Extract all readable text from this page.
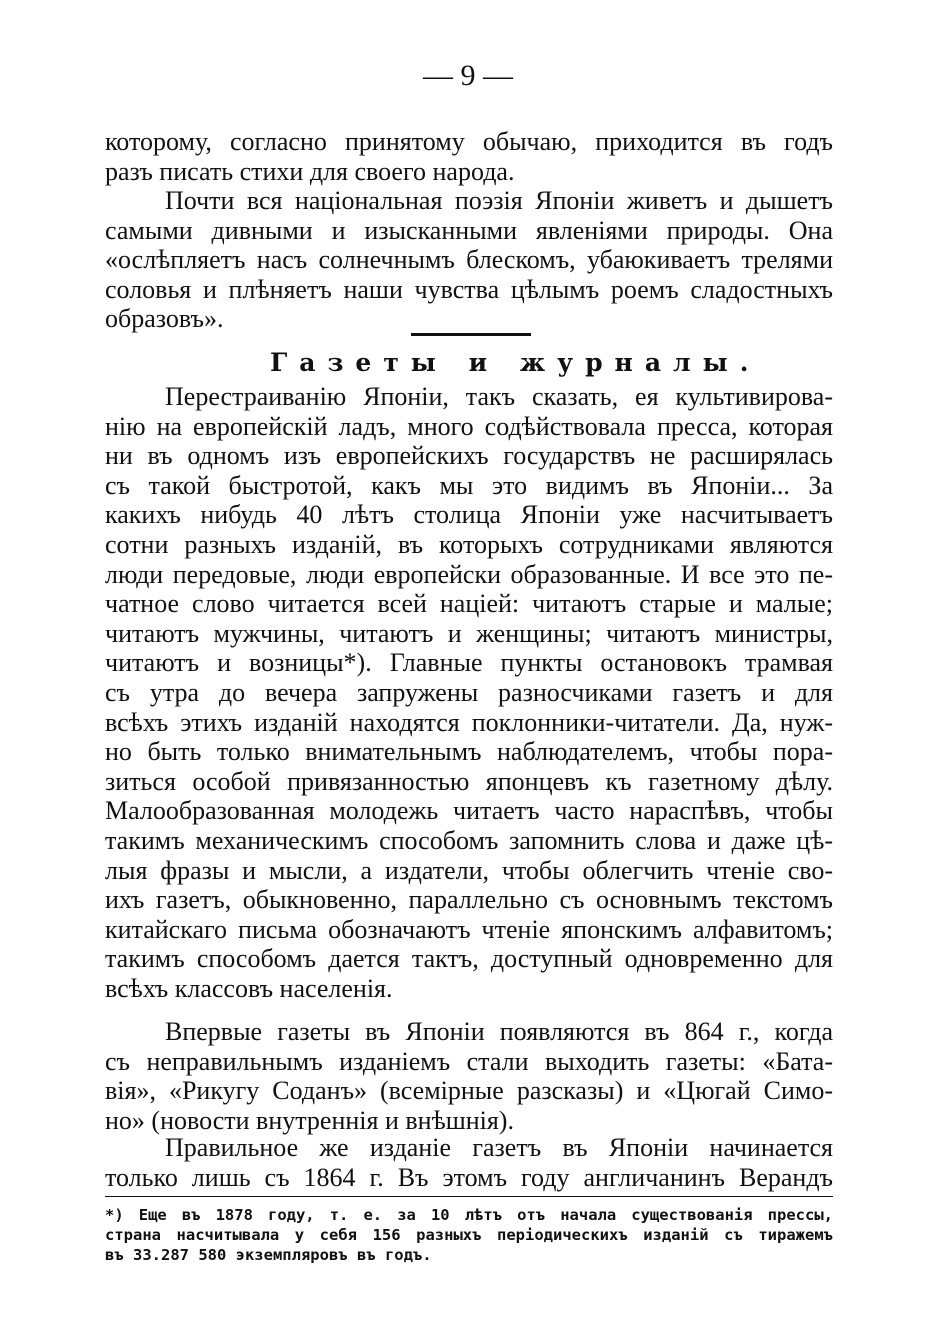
— 9 —
которому, согласно принятому обычаю, приходится въ годъ
разъ писать стихи для своего народа.
Почти вся національная поэзія Японіи живетъ и дышетъ
самыми дивными и изысканными явленіями природы. Она
«ослѣпляетъ насъ солнечнымъ блескомъ, убаюкиваетъ трелями
соловья и плѣняетъ наши чувства цѣлымъ роемъ сладостныхъ
образовъ».
Газеты и журналы.
Перестраиванію Японіи, такъ сказать, ея культивирова-
нію на европейскій ладъ, много содѣйствовала пресса, которая
ни въ одномъ изъ европейскихъ государствъ не расширялась
съ такой быстротой, какъ мы это видимъ въ Японіи... За
какихъ нибудь 40 лѣтъ столица Японіи уже насчитываетъ
сотни разныхъ изданій, въ которыхъ сотрудниками являются
люди передовые, люди европейски образованные. И все это пе-
чатное слово читается всей націей: читаютъ старые и малые;
читаютъ мужчины, читаютъ и женщины; читаютъ министры,
читаютъ и возницы*). Главные пункты остановокъ трамвая
съ утра до вечера запружены разносчиками газетъ и для
всѣхъ этихъ изданій находятся поклонники-читатели. Да, нуж-
но быть только внимательнымъ наблюдателемъ, чтобы пора-
зиться особой привязанностью японцевъ къ газетному дѣлу.
Малообразованная молодежь читаетъ часто нараспѣвъ, чтобы
такимъ механическимъ способомъ запомнить слова и даже цѣ-
лыя фразы и мысли, а издатели, чтобы облегчить чтеніе сво-
ихъ газетъ, обыкновенно, параллельно съ основнымъ текстомъ
китайскаго письма обозначаютъ чтеніе японскимъ алфавитомъ;
такимъ способомъ дается тактъ, доступный одновременно для
всѣхъ классовъ населенія.
Впервые газеты въ Японіи появляются въ 864 г., когда
съ неправильнымъ изданіемъ стали выходить газеты: «Бата-
вія», «Рикугу Соданъ» (всемірные разсказы) и «Цюгай Симо-
но» (новости внутреннія и внѣшнія).
Правильное же изданіе газетъ въ Японіи начинается
только лишь съ 1864 г. Въ этомъ году англичанинъ Верандъ
*) Еще въ 1878 году, т. е. за 10 лѣтъ отъ начала существованія прессы,
страна насчитывала у себя 156 разныхъ періодическихъ изданій съ тиражемъ
въ 33.287 580 экземпляровъ въ годъ.
